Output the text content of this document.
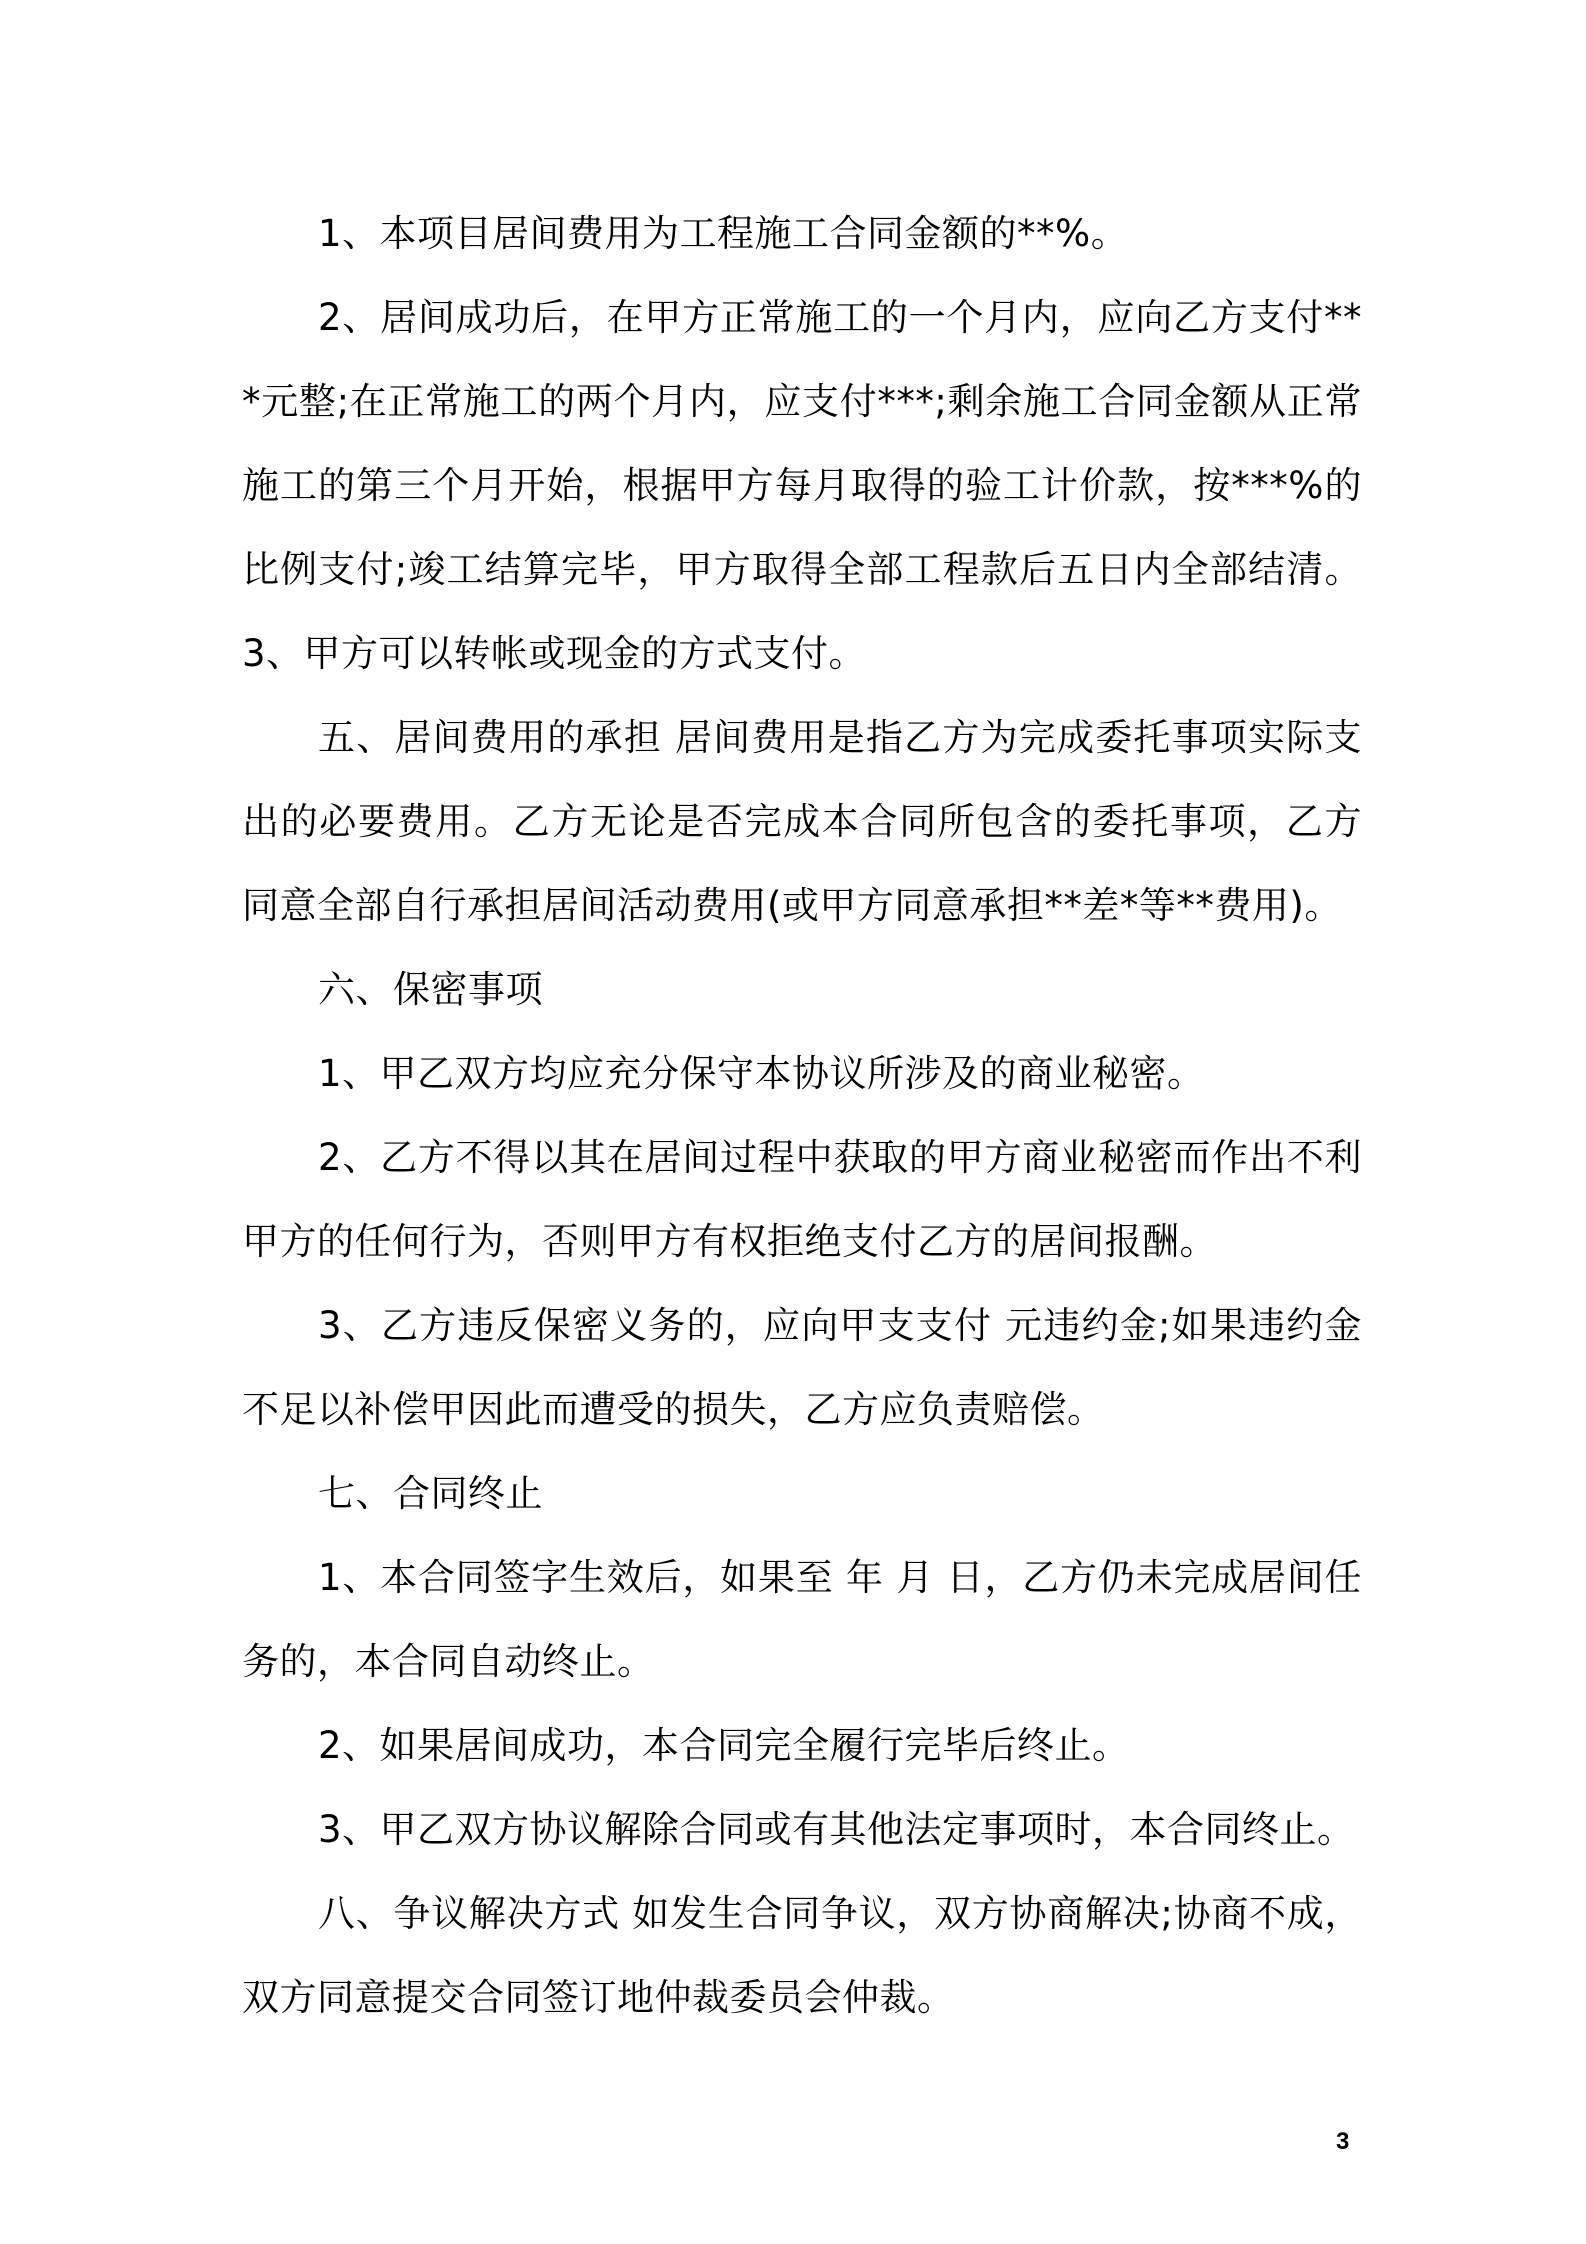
1、本项目居间费用为工程施工合同金额的**%。

2、居间成功后，在甲方正常施工的一个月内，应向乙方支付***元整;在正常施工的两个月内，应支付***;剩余施工合同金额从正常施工的第三个月开始，根据甲方每月取得的验工计价款，按***%的比例支付;竣工结算完毕，甲方取得全部工程款后五日内全部结清。 3、甲方可以转帐或现金的方式支付。

五、居间费用的承担 居间费用是指乙方为完成委托事项实际支出的必要费用。乙方无论是否完成本合同所包含的委托事项，乙方同意全部自行承担居间活动费用(或甲方同意承担**差*等**费用)。

六、保密事项

1、甲乙双方均应充分保守本协议所涉及的商业秘密。

2、乙方不得以其在居间过程中获取的甲方商业秘密而作出不利甲方的任何行为，否则甲方有权拒绝支付乙方的居间报酬。

3、乙方违反保密义务的，应向甲支支付 元违约金;如果违约金不足以补偿甲因此而遭受的损失，乙方应负责赔偿。

七、合同终止

1、本合同签字生效后，如果至 年 月 日，乙方仍未完成居间任务的，本合同自动终止。

2、如果居间成功，本合同完全履行完毕后终止。

3、甲乙双方协议解除合同或有其他法定事项时，本合同终止。

八、争议解决方式 如发生合同争议，双方协商解决;协商不成，双方同意提交合同签订地仲裁委员会仲裁。

3
